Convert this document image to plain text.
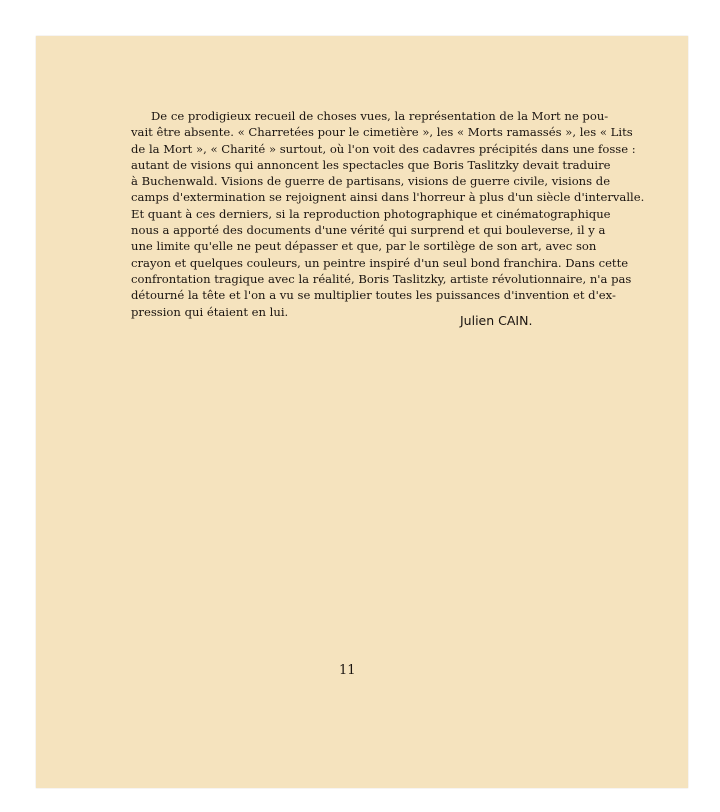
De ce prodigieux recueil de choses vues, la représentation de la Mort ne pou-
vait être absente. « Charretées pour le cimetière », les « Morts ramassés », les « Lits
de la Mort », « Charité » surtout, où l'on voit des cadavres précipités dans une fosse :
autant de visions qui annoncent les spectacles que Boris Taslitzky devait traduire
à Buchenwald. Visions de guerre de partisans, visions de guerre civile, visions de
camps d'extermination se rejoignent ainsi dans l'horreur à plus d'un siècle d'intervalle.
Et quant à ces derniers, si la reproduction photographique et cinématographique
nous a apporté des documents d'une vérité qui surprend et qui bouleverse, il y a
une limite qu'elle ne peut dépasser et que, par le sortilège de son art, avec son
crayon et quelques couleurs, un peintre inspiré d'un seul bond franchira. Dans cette
confrontation tragique avec la réalité, Boris Taslitzky, artiste révolutionnaire, n'a pas
détourné la tête et l'on a vu se multiplier toutes les puissances d'invention et d'ex-
pression qui étaient en lui.
Julien CAIN.
11
